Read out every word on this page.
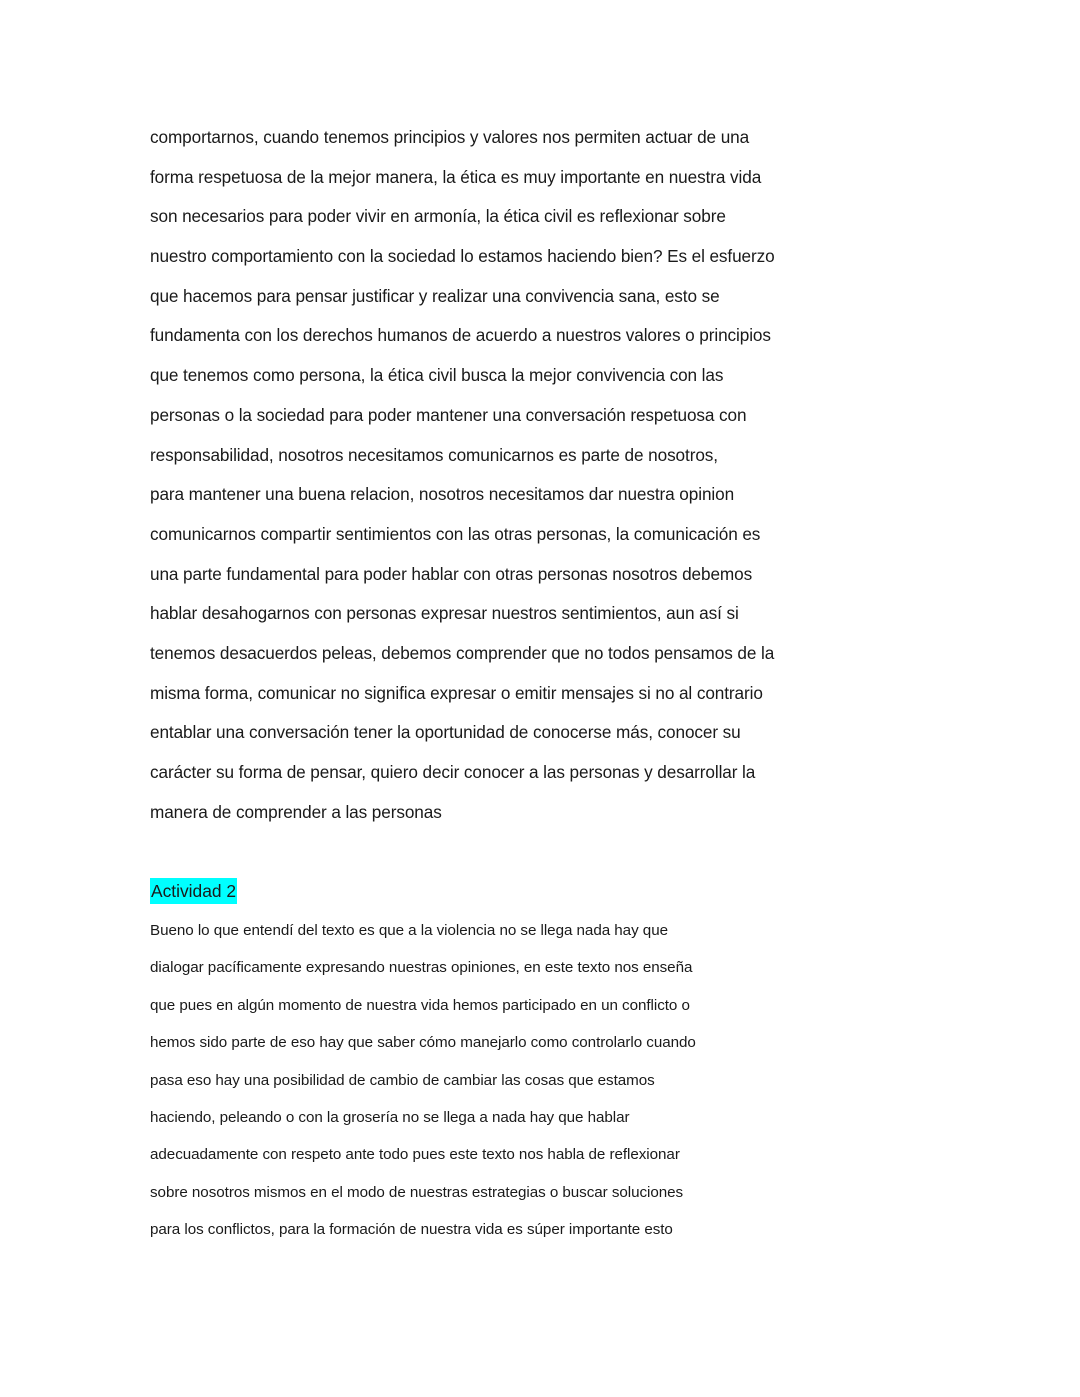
comportarnos, cuando tenemos principios y valores nos permiten actuar de una
forma respetuosa de la mejor manera, la ética es muy importante en nuestra vida
son necesarios para poder vivir en armonía, la ética civil es reflexionar sobre
nuestro comportamiento con la sociedad lo estamos haciendo bien? Es el esfuerzo
que hacemos para pensar justificar y realizar una convivencia sana, esto se
fundamenta con los derechos humanos de acuerdo a nuestros valores o principios
que tenemos como persona, la ética civil busca la mejor convivencia con las
personas o la sociedad para poder mantener una conversación respetuosa con
responsabilidad, nosotros necesitamos comunicarnos es parte de nosotros,
para mantener una buena relacion, nosotros necesitamos dar nuestra opinion
comunicarnos compartir sentimientos con las otras personas, la comunicación es
una parte fundamental para poder hablar con otras personas nosotros debemos
hablar desahogarnos con personas expresar nuestros sentimientos, aun así si
tenemos desacuerdos peleas, debemos comprender que no todos pensamos de la
misma forma, comunicar no significa expresar o emitir mensajes si no al contrario
entablar una conversación tener la oportunidad de conocerse más, conocer su
carácter su forma de pensar, quiero decir conocer a las personas y desarrollar la
manera de comprender a las personas
Actividad 2
Bueno lo que entendí del texto es que a la violencia no se llega nada hay que
dialogar pacíficamente expresando nuestras opiniones, en este texto nos enseña
que pues en algún momento de nuestra vida hemos participado en un conflicto o
hemos sido parte de eso hay que saber cómo manejarlo como controlarlo cuando
pasa eso hay una posibilidad de cambio de cambiar las cosas que estamos
haciendo, peleando o con la grosería no se llega a nada hay que hablar
adecuadamente con respeto ante todo pues este texto nos habla de reflexionar
sobre nosotros mismos en el modo de nuestras estrategias o buscar soluciones
para los conflictos, para la formación de nuestra vida es súper importante esto
